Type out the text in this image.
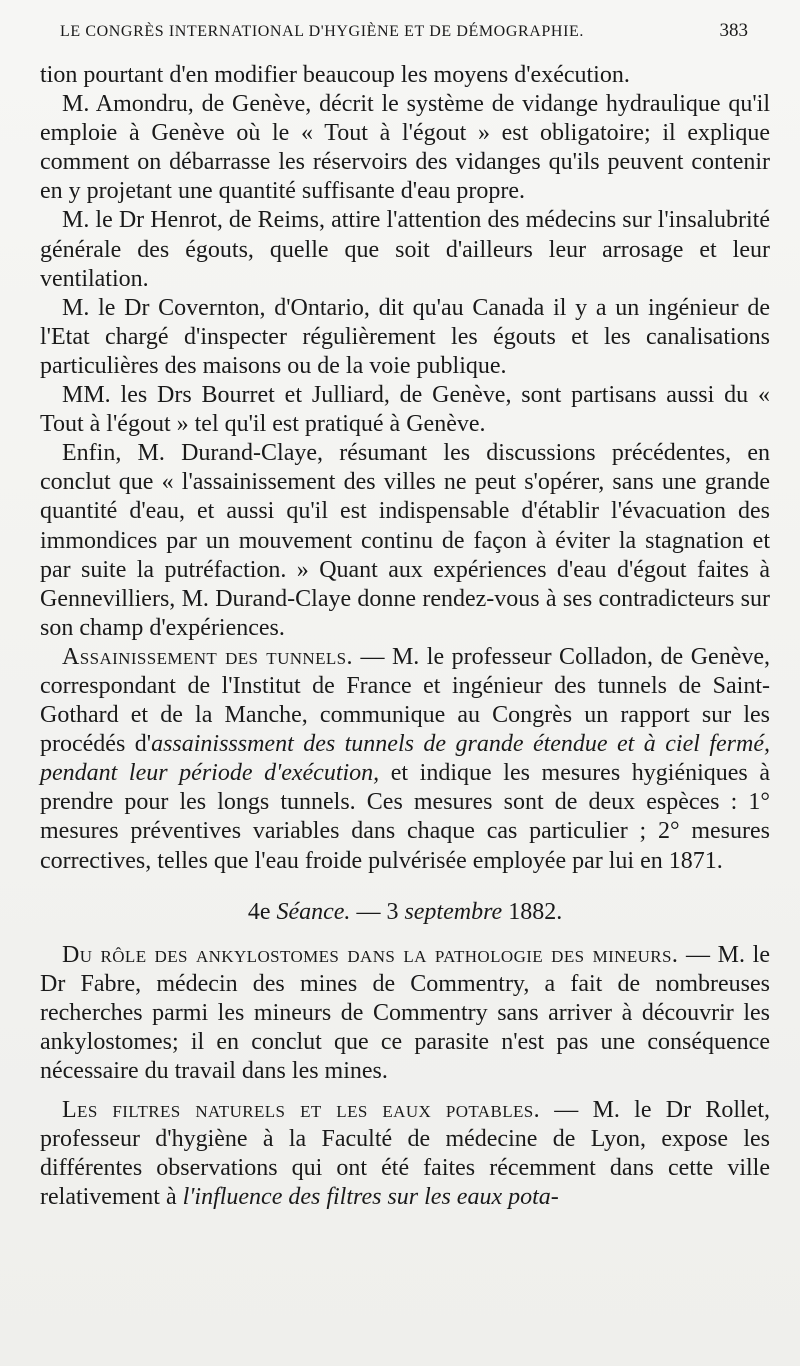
LE CONGRÈS INTERNATIONAL D'HYGIÈNE ET DE DÉMOGRAPHIE.	383

tion pourtant d'en modifier beaucoup les moyens d'exécution.

M. Amondru, de Genève, décrit le système de vidange hydraulique qu'il emploie à Genève où le « Tout à l'égout » est obligatoire; il explique comment on débarrasse les réservoirs des vidanges qu'ils peuvent contenir en y projetant une quantité suffisante d'eau propre.

M. le Dr Henrot, de Reims, attire l'attention des médecins sur l'insalubrité générale des égouts, quelle que soit d'ailleurs leur arrosage et leur ventilation.

M. le Dr Covernton, d'Ontario, dit qu'au Canada il y a un ingénieur de l'Etat chargé d'inspecter régulièrement les égouts et les canalisations particulières des maisons ou de la voie publique.

MM. les Drs Bourret et Julliard, de Genève, sont partisans aussi du « Tout à l'égout » tel qu'il est pratiqué à Genève.

Enfin, M. Durand-Claye, résumant les discussions précédentes, en conclut que « l'assainissement des villes ne peut s'opérer, sans une grande quantité d'eau, et aussi qu'il est indispensable d'établir l'évacuation des immondices par un mouvement continu de façon à éviter la stagnation et par suite la putréfaction. » Quant aux expériences d'eau d'égout faites à Gennevilliers, M. Durand-Claye donne rendez-vous à ses contradicteurs sur son champ d'expériences.

Assainissement des tunnels. — M. le professeur Colladon, de Genève, correspondant de l'Institut de France et ingénieur des tunnels de Saint-Gothard et de la Manche, communique au Congrès un rapport sur les procédés d'assainisssment des tunnels de grande étendue et à ciel fermé, pendant leur période d'exécution, et indique les mesures hygiéniques à prendre pour les longs tunnels. Ces mesures sont de deux espèces : 1° mesures préventives variables dans chaque cas particulier ; 2° mesures correctives, telles que l'eau froide pulvérisée employée par lui en 1871.

4e Séance. — 3 septembre 1882.

Du rôle des ankylostomes dans la pathologie des mineurs. — M. le Dr Fabre, médecin des mines de Commentry, a fait de nombreuses recherches parmi les mineurs de Commentry sans arriver à découvrir les ankylostomes; il en conclut que ce parasite n'est pas une conséquence nécessaire du travail dans les mines.

Les filtres naturels et les eaux potables. — M. le Dr Rollet, professeur d'hygiène à la Faculté de médecine de Lyon, expose les différentes observations qui ont été faites récemment dans cette ville relativement à l'influence des filtres sur les eaux pota-
